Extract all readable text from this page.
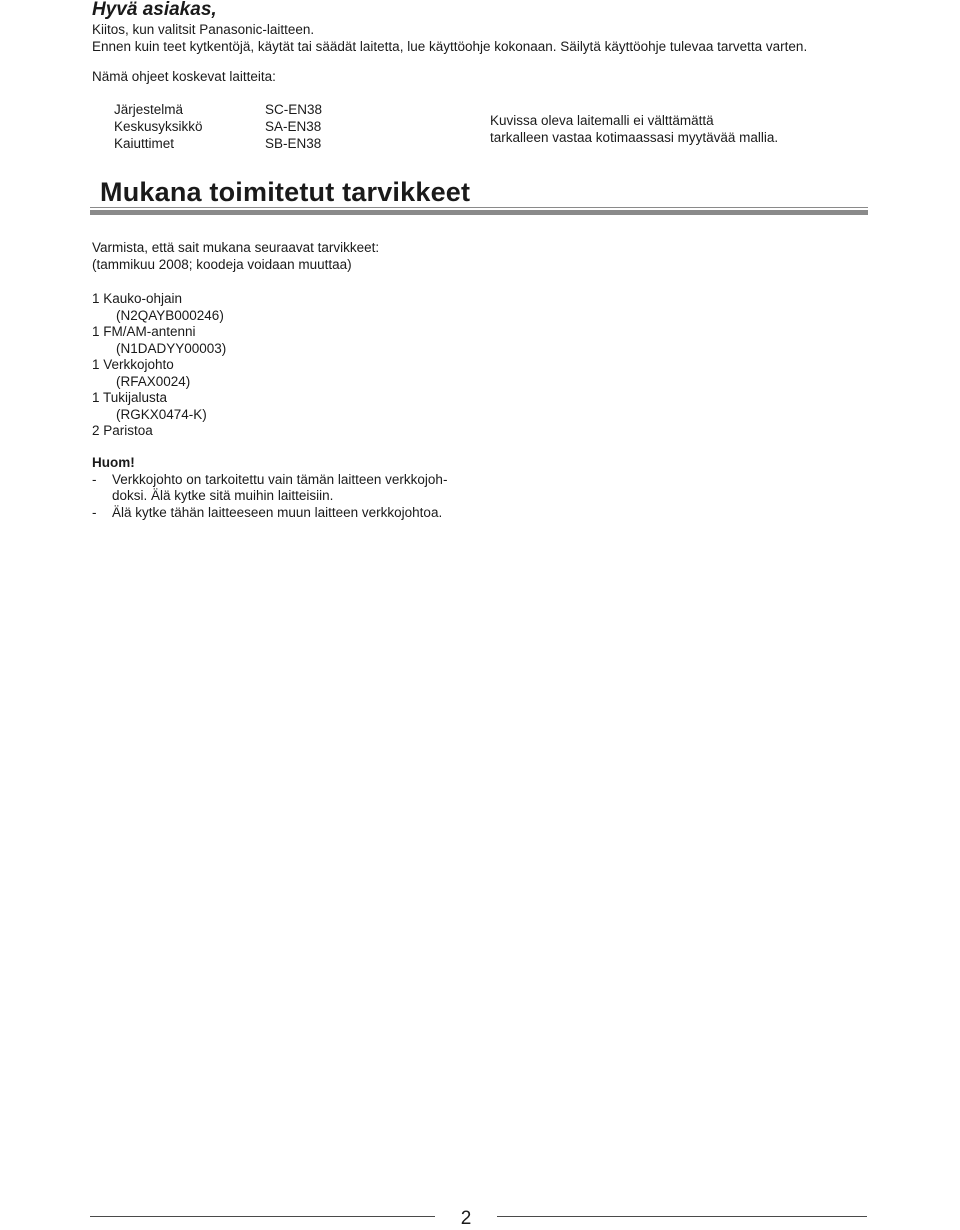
Hyvä asiakas,
Kiitos, kun valitsit Panasonic-laitteen.
Ennen kuin teet kytkentöjä, käytät tai säädät laitetta, lue käyttöohje kokonaan. Säilytä käyttöohje tulevaa tarvetta varten.
Nämä ohjeet koskevat laitteita:
Järjestelmä
Keskusyksikkö
Kaiuttimet
SC-EN38
SA-EN38
SB-EN38
Kuvissa oleva laitemalli ei välttämättä
tarkalleen vastaa kotimaassasi myytävää mallia.
Mukana toimitetut tarvikkeet
Varmista, että sait mukana seuraavat tarvikkeet:
(tammikuu 2008; koodeja voidaan muuttaa)
1 Kauko-ohjain
(N2QAYB000246)
1 FM/AM-antenni
(N1DADYY00003)
1 Verkkojohto
(RFAX0024)
1 Tukijalusta
(RGKX0474-K)
2 Paristoa
Huom!
-	Verkkojohto on tarkoitettu vain tämän laitteen verkkojoh-
doksi. Älä kytke sitä muihin laitteisiin.
-	Älä kytke tähän laitteeseen muun laitteen verkkojohtoa.
2
